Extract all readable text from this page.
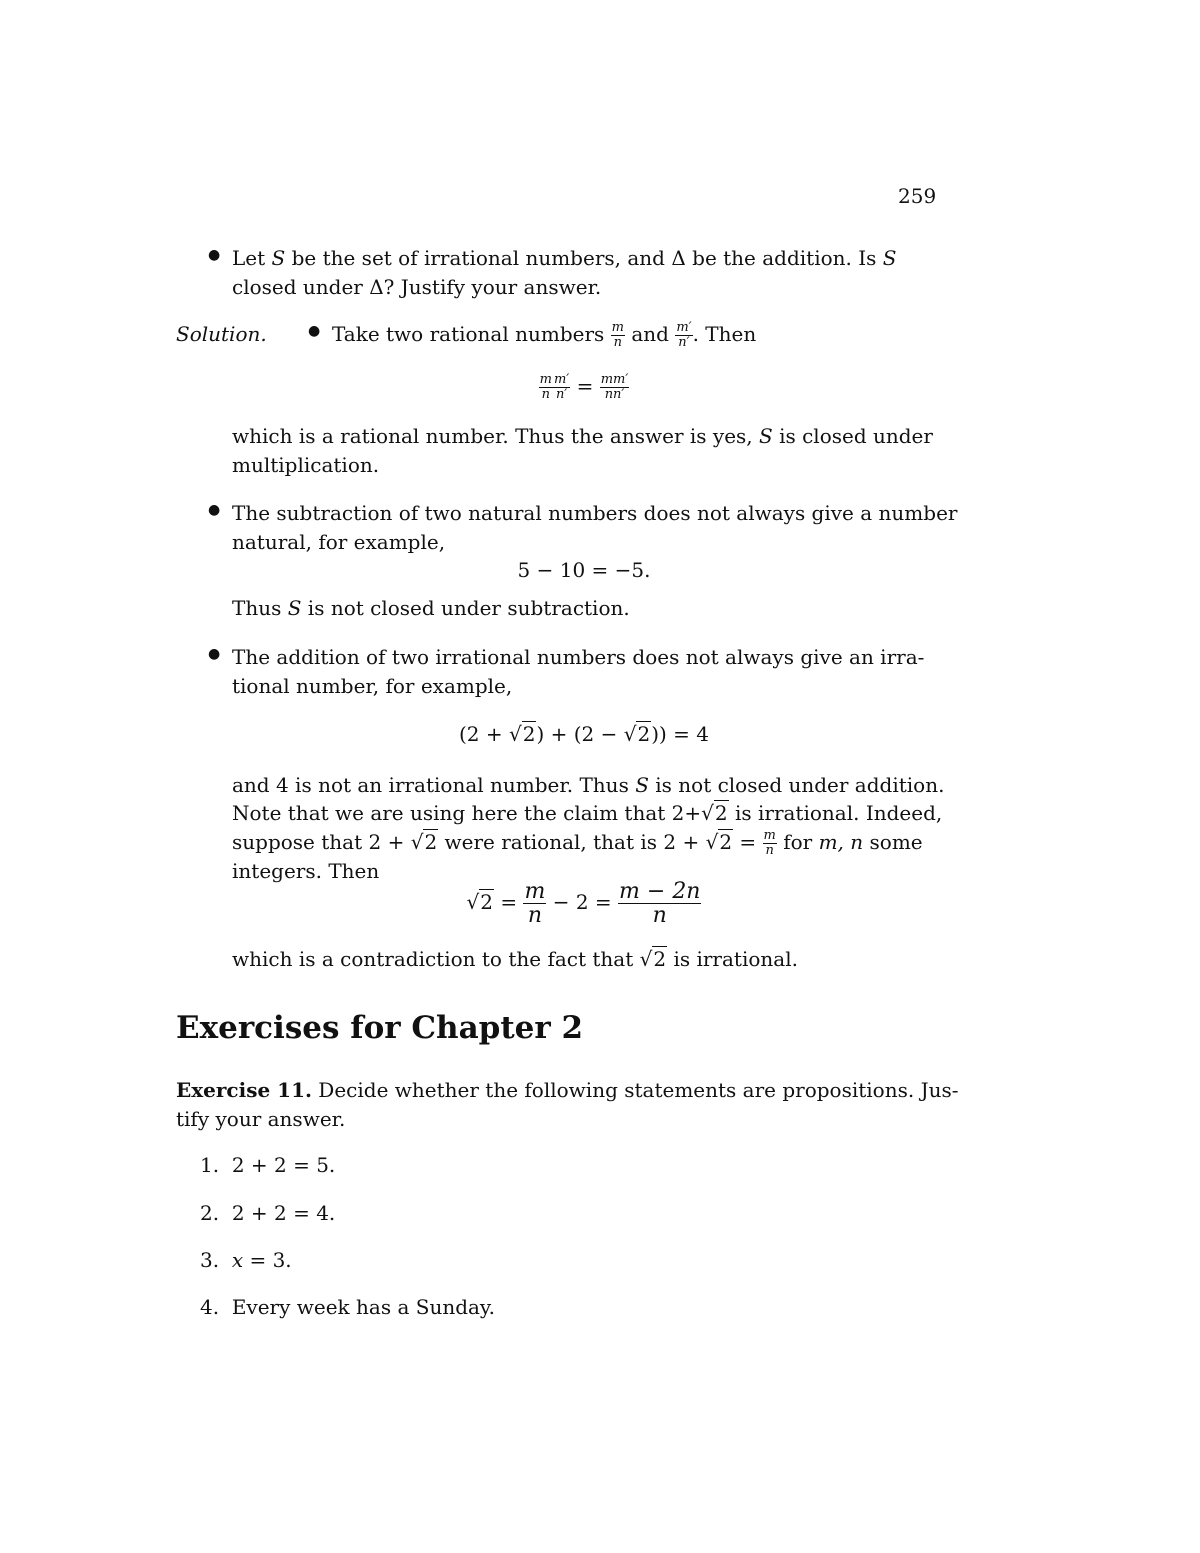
259
● Let S be the set of irrational numbers, and Δ be the addition. Is S
closed under Δ? Justify your answer.
Solution.	● Take two rational numbers $\frac{m}{n}$ and $\frac{m'}{n'}$ . Then
$\frac{m}{n} \frac{m'}{n'} = \frac{mm'}{nn'}$
which is a rational number. Thus the answer is yes, S is closed under
multiplication.
● The subtraction of two natural numbers does not always give a number
natural, for example,
5 − 10 = −5.
Thus S is not closed under subtraction.
● The addition of two irrational numbers does not always give an irra-
tional number, for example,
(2 + √2) + (2 − √2)) = 4
and 4 is not an irrational number. Thus S is not closed under addition.
Note that we are using here the claim that 2+√2 is irrational. Indeed,
suppose that 2 + √2 were rational, that is $2 + √2 = \frac{m}{n}$ for m, n some
integers. Then
$√2 = \frac{m}{n} - 2 = \frac{m - 2n}{n}$
which is a contradiction to the fact that √2 is irrational.
Exercises for Chapter 2
Exercise 11. Decide whether the following statements are propositions. Jus-
tify your answer.
1. 2 + 2 = 5.
2. 2 + 2 = 4.
3. x = 3.
4. Every week has a Sunday.
